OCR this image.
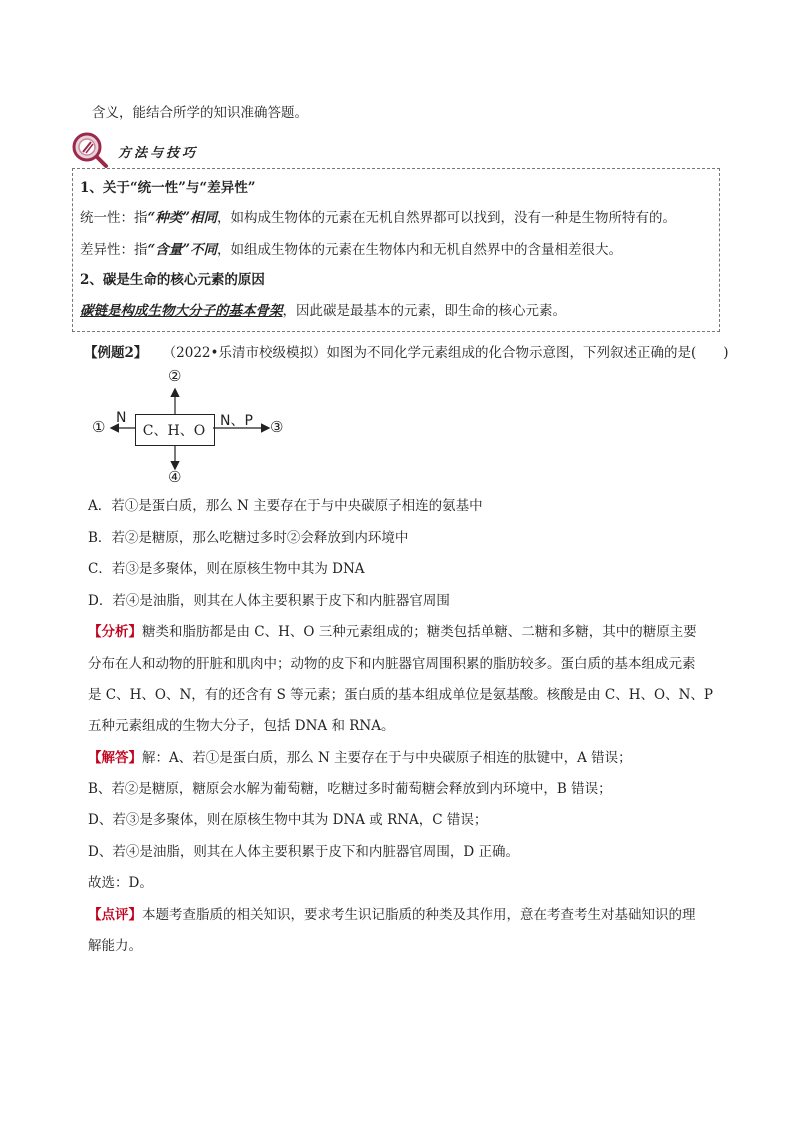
含义，能结合所学的知识准确答题。
方法与技巧
1、关于“统一性”与“差异性”
统一性：指“种类”相同，如构成生物体的元素在无机自然界都可以找到，没有一种是生物所特有的。
差异性：指“含量”不同，如组成生物体的元素在生物体内和无机自然界中的含量相差很大。
2、碳是生命的核心元素的原因
碳链是构成生物大分子的基本骨架，因此碳是最基本的元素，即生命的核心元素。
【例题2】 （2022•乐清市校级模拟）如图为不同化学元素组成的化合物示意图，下列叙述正确的是(　　)
C、H、O
②
④
①	③
N	N、P
A．若①是蛋白质，那么 N 主要存在于与中央碳原子相连的氨基中
B．若②是糖原，那么吃糖过多时②会释放到内环境中
C．若③是多聚体，则在原核生物中其为 DNA
D．若④是油脂，则其在人体主要积累于皮下和内脏器官周围
【分析】糖类和脂肪都是由 C、H、O 三种元素组成的；糖类包括单糖、二糖和多糖，其中的糖原主要
分布在人和动物的肝脏和肌肉中；动物的皮下和内脏器官周围积累的脂肪较多。蛋白质的基本组成元素
是 C、H、O、N，有的还含有 S 等元素；蛋白质的基本组成单位是氨基酸。核酸是由 C、H、O、N、P
五种元素组成的生物大分子，包括 DNA 和 RNA。
【解答】解：A、若①是蛋白质，那么 N 主要存在于与中央碳原子相连的肽键中，A 错误；
B、若②是糖原，糖原会水解为葡萄糖，吃糖过多时葡萄糖会释放到内环境中，B 错误；
D、若③是多聚体，则在原核生物中其为 DNA 或 RNA，C 错误；
D、若④是油脂，则其在人体主要积累于皮下和内脏器官周围，D 正确。
故选：D。
【点评】本题考查脂质的相关知识，要求考生识记脂质的种类及其作用，意在考查考生对基础知识的理
解能力。
